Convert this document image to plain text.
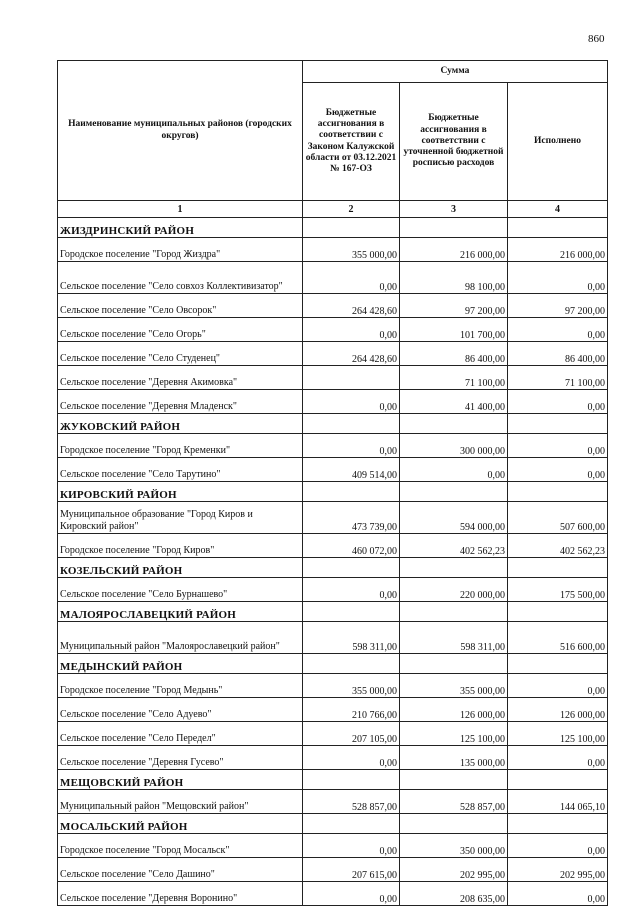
860
Наименование муниципальных районов (городских округов)	Сумма		
	Бюджетные ассигнования в соответствии с Законом Калужской области от 03.12.2021 № 167-ОЗ	Бюджетные ассигнования в соответствии с уточненной бюджетной росписью расходов	Исполнено
1	2	3	4
ЖИЗДРИНСКИЙ РАЙОН			
Городское поселение "Город Жиздра"	355 000,00	216 000,00	216 000,00
Сельское поселение "Село совхоз Коллективизатор"	0,00	98 100,00	0,00
Сельское поселение "Село Овсорок"	264 428,60	97 200,00	97 200,00
Сельское поселение "Село Огорь"	0,00	101 700,00	0,00
Сельское поселение "Село Студенец"	264 428,60	86 400,00	86 400,00
Сельское поселение "Деревня Акимовка"		71 100,00	71 100,00
Сельское поселение "Деревня Младенск"	0,00	41 400,00	0,00
ЖУКОВСКИЙ РАЙОН			
Городское поселение "Город Кременки"	0,00	300 000,00	0,00
Сельское поселение "Село Тарутино"	409 514,00	0,00	0,00
КИРОВСКИЙ РАЙОН			
Муниципальное образование "Город Киров и Кировский район"	473 739,00	594 000,00	507 600,00
Городское поселение "Город Киров"	460 072,00	402 562,23	402 562,23
КОЗЕЛЬСКИЙ РАЙОН			
Сельское поселение "Село Бурнашево"	0,00	220 000,00	175 500,00
МАЛОЯРОСЛАВЕЦКИЙ РАЙОН			
Муниципальный район "Малоярославецкий район"	598 311,00	598 311,00	516 600,00
МЕДЫНСКИЙ РАЙОН			
Городское поселение "Город Медынь"	355 000,00	355 000,00	0,00
Сельское поселение "Село Адуево"	210 766,00	126 000,00	126 000,00
Сельское поселение "Село Передел"	207 105,00	125 100,00	125 100,00
Сельское поселение "Деревня Гусево"	0,00	135 000,00	0,00
МЕЩОВСКИЙ РАЙОН			
Муниципальный район "Мещовский район"	528 857,00	528 857,00	144 065,10
МОСАЛЬСКИЙ РАЙОН			
Городское поселение "Город Мосальск"	0,00	350 000,00	0,00
Сельское поселение "Село Дашино"	207 615,00	202 995,00	202 995,00
Сельское поселение "Деревня Воронино"	0,00	208 635,00	0,00
